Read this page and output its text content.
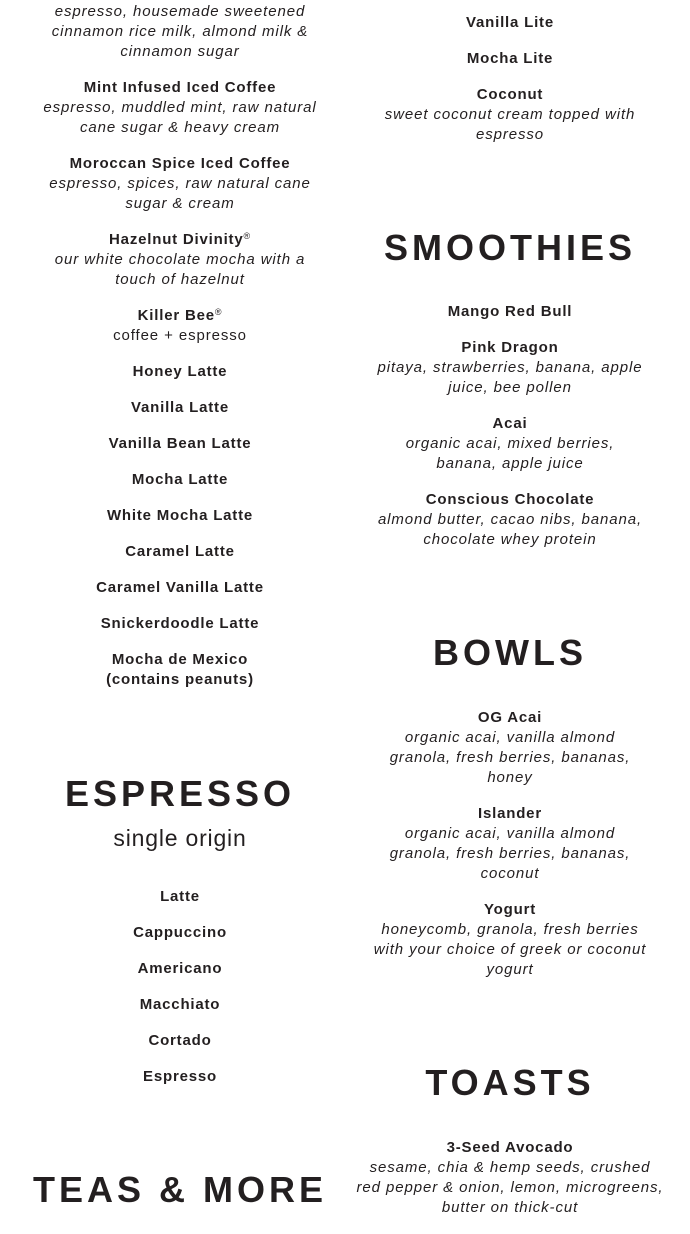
espresso, housemade sweetened cinnamon rice milk, almond milk & cinnamon sugar
Mint Infused Iced Coffee
espresso, muddled mint, raw natural cane sugar & heavy cream
Moroccan Spice Iced Coffee
espresso, spices, raw natural cane sugar & cream
Hazelnut Divinity®
our white chocolate mocha with a touch of hazelnut
Killer Bee®
coffee + espresso
Honey Latte
Vanilla Latte
Vanilla Bean Latte
Mocha Latte
White Mocha Latte
Caramel Latte
Caramel Vanilla Latte
Snickerdoodle Latte
Mocha de Mexico (contains peanuts)
ESPRESSO
single origin
Latte
Cappuccino
Americano
Macchiato
Cortado
Espresso
TEAS & MORE
Vanilla Lite
Mocha Lite
Coconut
sweet coconut cream topped with espresso
SMOOTHIES
Mango Red Bull
Pink Dragon
pitaya, strawberries, banana, apple juice, bee pollen
Acai
organic acai, mixed berries, banana, apple juice
Conscious Chocolate
almond butter, cacao nibs, banana, chocolate whey protein
BOWLS
OG Acai
organic acai, vanilla almond granola, fresh berries, bananas, honey
Islander
organic acai, vanilla almond granola, fresh berries, bananas, coconut
Yogurt
honeycomb, granola, fresh berries with your choice of greek or coconut yogurt
TOASTS
3-Seed Avocado
sesame, chia & hemp seeds, crushed red pepper & onion, lemon, microgreens, butter on thick-cut
